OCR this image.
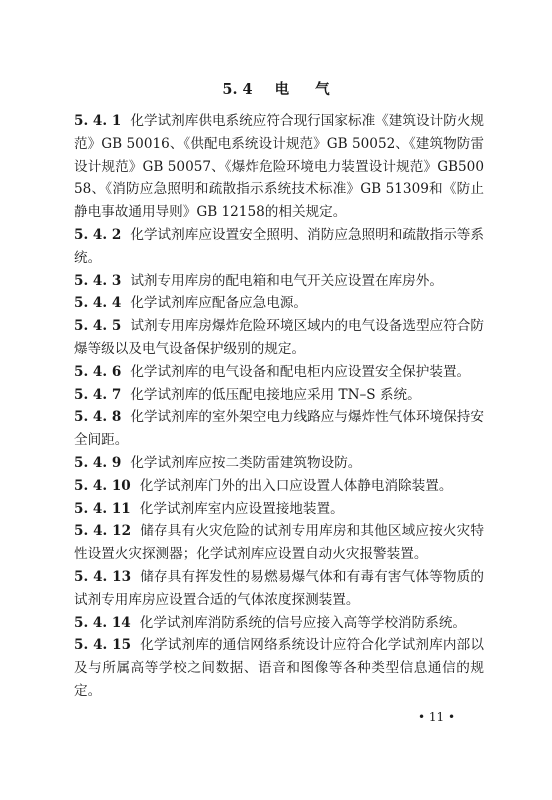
5. 4 电 气
5. 4. 1 化学试剂库供电系统应符合现行国家标准《建筑设计防火规范》GB 50016、《供配电系统设计规范》GB 50052、《建筑物防雷设计规范》GB 50057、《爆炸危险环境电力装置设计规范》GB50058、《消防应急照明和疏散指示系统技术标准》GB 51309和《防止静电事故通用导则》GB 12158的相关规定。
5. 4. 2 化学试剂库应设置安全照明、消防应急照明和疏散指示等系统。
5. 4. 3 试剂专用库房的配电箱和电气开关应设置在库房外。
5. 4. 4 化学试剂库应配备应急电源。
5. 4. 5 试剂专用库房爆炸危险环境区域内的电气设备选型应符合防爆等级以及电气设备保护级别的规定。
5. 4. 6 化学试剂库的电气设备和配电柜内应设置安全保护装置。
5. 4. 7 化学试剂库的低压配电接地应采用 TN–S 系统。
5. 4. 8 化学试剂库的室外架空电力线路应与爆炸性气体环境保持安全间距。
5. 4. 9 化学试剂库应按二类防雷建筑物设防。
5. 4. 10 化学试剂库门外的出入口应设置人体静电消除装置。
5. 4. 11 化学试剂库室内应设置接地装置。
5. 4. 12 储存具有火灾危险的试剂专用库房和其他区域应按火灾特性设置火灾探测器；化学试剂库应设置自动火灾报警装置。
5. 4. 13 储存具有挥发性的易燃易爆气体和有毒有害气体等物质的试剂专用库房应设置合适的气体浓度探测装置。
5. 4. 14 化学试剂库消防系统的信号应接入高等学校消防系统。
5. 4. 15 化学试剂库的通信网络系统设计应符合化学试剂库内部以及与所属高等学校之间数据、语音和图像等各种类型信息通信的规定。
• 11 •
